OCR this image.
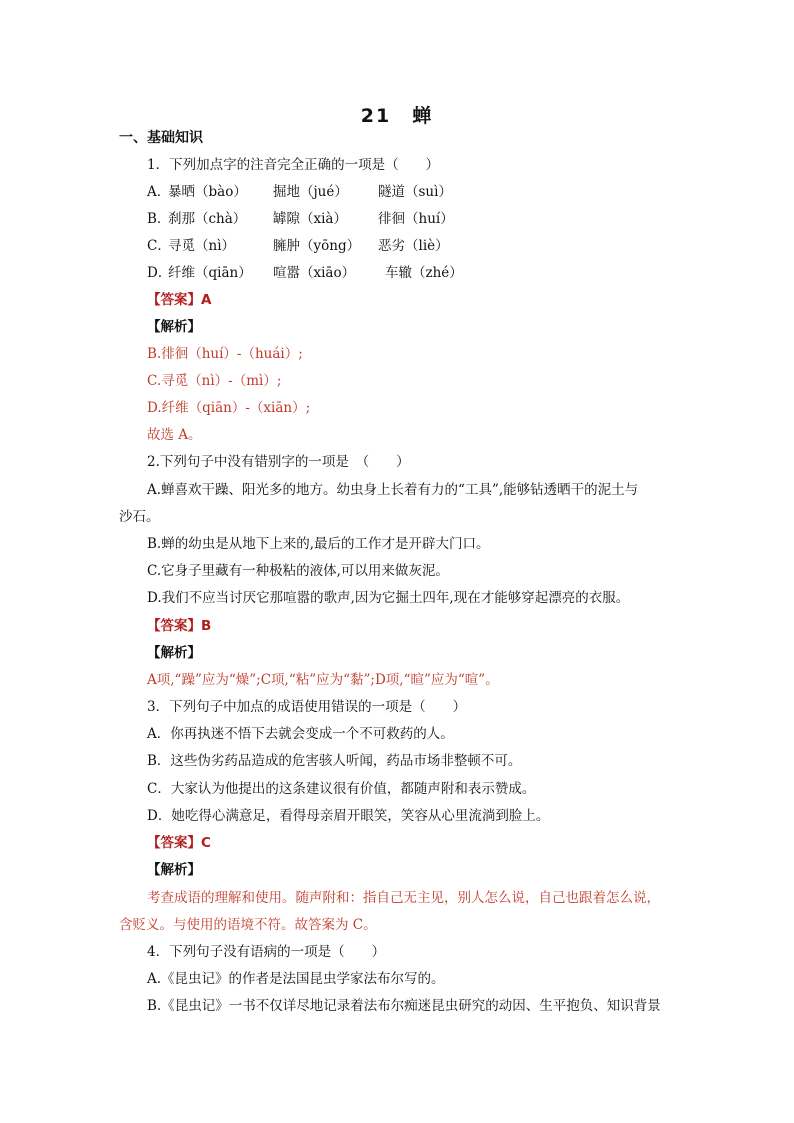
21　蝉
一、基础知识
1．下列加点字的注音完全正确的一项是（　　）
A．
暴晒（bào） 掘地（jué） 隧道（suì）
B．
刹那（chà） 罅隙（xià） 徘徊（huí）
C．
寻觅（nì）	臃肿（yōng） 恶劣（liè）
D．
纤维（qiān） 喧嚣（xiāo） 车辙（zhé）
【答案】A
【解析】
B.徘徊（huí）-（huái）;
C.寻觅（nì）-（mì）;
D.纤维（qiān）-（xiān）;
故选 A。
2.下列句子中没有错别字的一项是　（　　）
A.蝉喜欢干躁、阳光多的地方。幼虫身上长着有力的“工具”,能够钻透晒干的泥土与
沙石。
B.蝉的幼虫是从地下上来的,最后的工作才是开辟大门口。
C.它身子里藏有一种极粘的液体,可以用来做灰泥。
D.我们不应当讨厌它那喧嚣的歌声,因为它掘土四年,现在才能够穿起漂亮的衣服。
【答案】B
【解析】
A项,“躁”应为“燥”;C项,“粘”应为“黏”;D项,“暄”应为“喧”。
3．下列句子中加点的成语使用错误的一项是（　　）
A．你再执迷不悟下去就会变成一个不可救药的人。
B．这些伪劣药品造成的危害骇人听闻，药品市场非整顿不可。
C．大家认为他提出的这条建议很有价值，都随声附和表示赞成。
D．她吃得心满意足，看得母亲眉开眼笑，笑容从心里流淌到脸上。
【答案】C
【解析】
考查成语的理解和使用。随声附和：指自己无主见，别人怎么说，自己也跟着怎么说，
含贬义。与使用的语境不符。故答案为 C。
4．下列句子没有语病的一项是（　　）
A.《昆虫记》的作者是法国昆虫学家法布尔写的。
B.《昆虫记》一书不仅详尽地记录着法布尔痴迷昆虫研究的动因、生平抱负、知识背景
